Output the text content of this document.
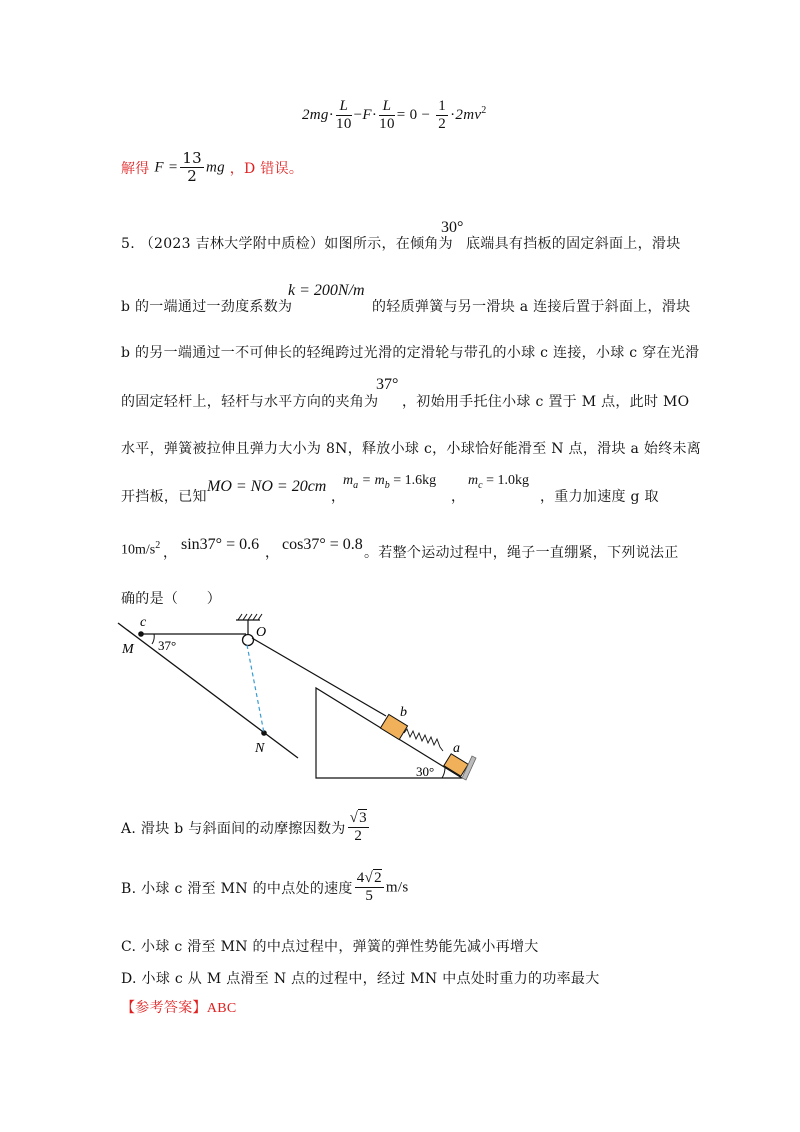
$2mg\cdot \frac{L}{10} -F\cdot \frac{L}{10} = 0 - \frac{1}{2} \cdot 2mv^2$
解得 $F = \frac{13}{2}$ mg ，D 错误。
5. （2023 吉林大学附中质检）如图所示，在倾角为
30°
底端具有挡板的固定斜面上，滑块
b 的一端通过一劲度系数为
k = 200N/m
的轻质弹簧与另一滑块 a 连接后置于斜面上，滑块
b 的另一端通过一不可伸长的轻绳跨过光滑的定滑轮与带孔的小球 c 连接，小球 c 穿在光滑
的固定轻杆上，轻杆与水平方向的夹角为
37°
，初始用手托住小球 c 置于 M 点，此时 MO
水平，弹簧被拉伸且弹力大小为 8N，释放小球 c，小球恰好能滑至 N 点，滑块 a 始终未离
开挡板，已知
MO = NO = 20cm
，
$m_a = m_b = 1.6kg$
，
$m_c = 1.0kg$
，重力加速度 g 取
$10m/s^2$ ， sin37° = 0.6 ， cos37° = 0.8 。若整个运动过程中，绳子一直绷紧，下列说法正
确的是（　　）
c
M 37°
O
N
b
a
30°
A. 滑块 b 与斜面间的动摩擦因数为 $\frac{√3}{2}$
B. 小球 c 滑至 MN 的中点处的速度 $\frac{4√2}{5} m/s$
C. 小球 c 滑至 MN 的中点过程中，弹簧的弹性势能先减小再增大
D. 小球 c 从 M 点滑至 N 点的过程中，经过 MN 中点处时重力的功率最大
【参考答案】ABC
